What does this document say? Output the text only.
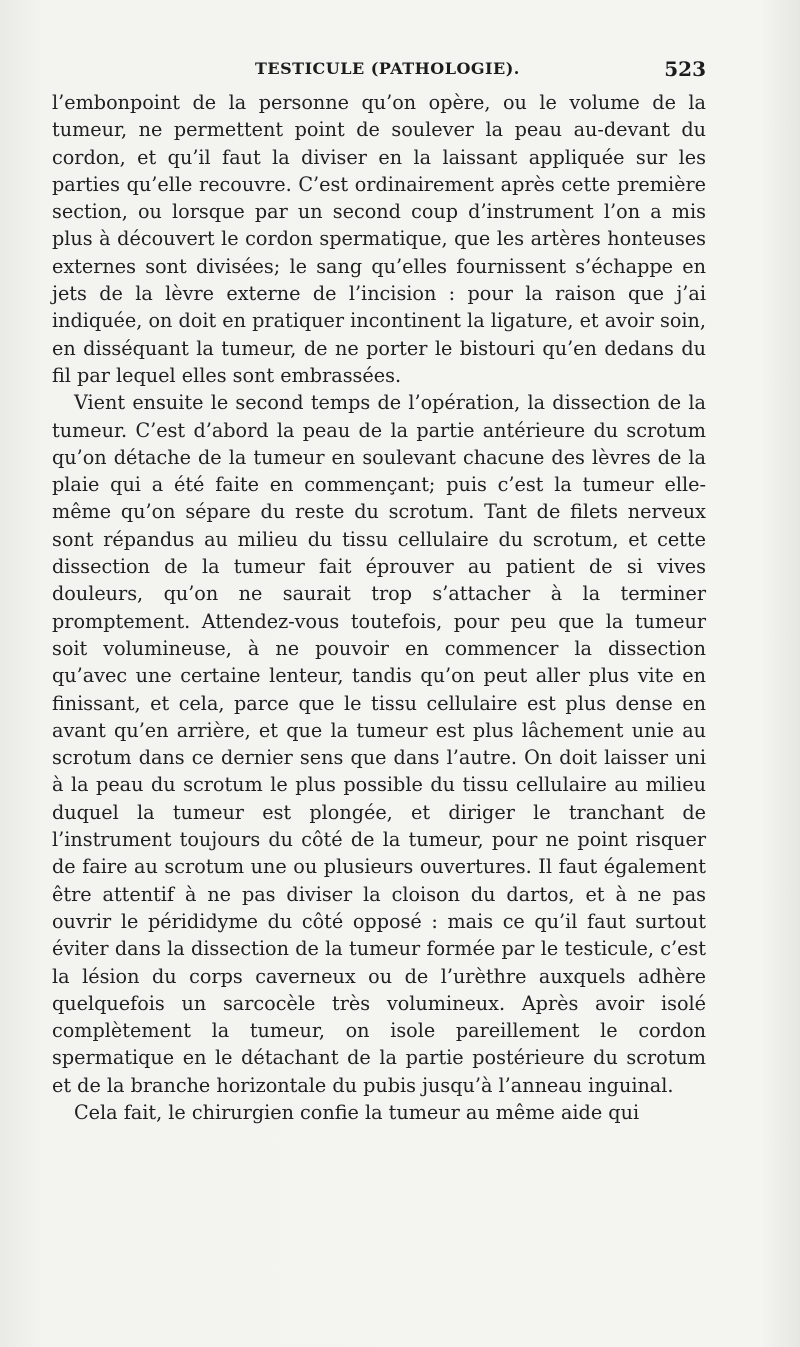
TESTICULE (PATHOLOGIE).	523

l’embonpoint de la personne qu’on opère, ou le volume de la tumeur, ne permettent point de soulever la peau au-devant du cordon, et qu’il faut la diviser en la laissant appliquée sur les parties qu’elle recouvre. C’est ordinairement après cette première section, ou lorsque par un second coup d’instrument l’on a mis plus à découvert le cordon spermatique, que les artères honteuses externes sont divisées; le sang qu’elles fournissent s’échappe en jets de la lèvre externe de l’incision : pour la raison que j’ai indiquée, on doit en pratiquer incontinent la ligature, et avoir soin, en disséquant la tumeur, de ne porter le bistouri qu’en dedans du fil par lequel elles sont embrassées.

Vient ensuite le second temps de l’opération, la dissection de la tumeur. C’est d’abord la peau de la partie antérieure du scrotum qu’on détache de la tumeur en soulevant chacune des lèvres de la plaie qui a été faite en commençant; puis c’est la tumeur elle-même qu’on sépare du reste du scrotum. Tant de filets nerveux sont répandus au milieu du tissu cellulaire du scrotum, et cette dissection de la tumeur fait éprouver au patient de si vives douleurs, qu’on ne saurait trop s’attacher à la terminer promptement. Attendez-vous toutefois, pour peu que la tumeur soit volumineuse, à ne pouvoir en commencer la dissection qu’avec une certaine lenteur, tandis qu’on peut aller plus vite en finissant, et cela, parce que le tissu cellulaire est plus dense en avant qu’en arrière, et que la tumeur est plus lâchement unie au scrotum dans ce dernier sens que dans l’autre. On doit laisser uni à la peau du scrotum le plus possible du tissu cellulaire au milieu duquel la tumeur est plongée, et diriger le tranchant de l’instrument toujours du côté de la tumeur, pour ne point risquer de faire au scrotum une ou plusieurs ouvertures. Il faut également être attentif à ne pas diviser la cloison du dartos, et à ne pas ouvrir le pérididyme du côté opposé : mais ce qu’il faut surtout éviter dans la dissection de la tumeur formée par le testicule, c’est la lésion du corps caverneux ou de l’urèthre auxquels adhère quelquefois un sarcocèle très volumineux. Après avoir isolé complètement la tumeur, on isole pareillement le cordon spermatique en le détachant de la partie postérieure du scrotum et de la branche horizontale du pubis jusqu’à l’anneau inguinal.

Cela fait, le chirurgien confie la tumeur au même aide qui
